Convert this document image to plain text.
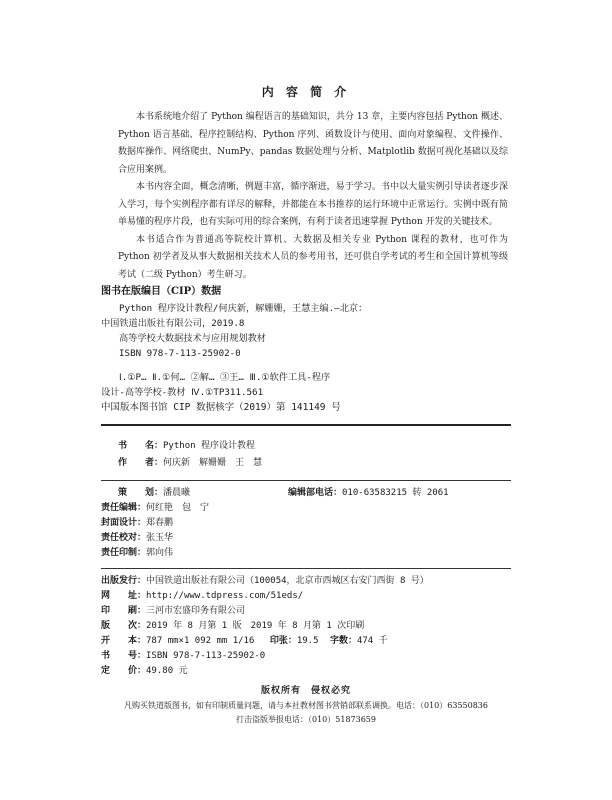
内 容 简 介

本书系统地介绍了 Python 编程语言的基础知识，共分 13 章，主要内容包括 Python 概述、Python 语言基础、程序控制结构、Python 序列、函数设计与使用、面向对象编程、文件操作、数据库操作、网络爬虫、NumPy、pandas 数据处理与分析、Matplotlib 数据可视化基础以及综合应用案例。

本书内容全面，概念清晰，例题丰富，循序渐进，易于学习。书中以大量实例引导读者逐步深入学习，每个实例程序都有详尽的解释，并都能在本书推荐的运行环境中正常运行。实例中既有简单易懂的程序片段，也有实际可用的综合案例，有利于读者迅速掌握 Python 开发的关键技术。

本书适合作为普通高等院校计算机、大数据及相关专业 Python 课程的教材，也可作为 Python 初学者及从事大数据相关技术人员的参考用书，还可供自学考试的考生和全国计算机等级考试（二级 Python）考生研习。

图书在版编目（CIP）数据
Python 程序设计教程/何庆新，解姗姗，王慧主编.—北京：
中国铁道出版社有限公司，2019.8
高等学校大数据技术与应用规划教材
ISBN 978-7-113-25902-0
Ⅰ.①P… Ⅱ.①何… ②解… ③王… Ⅲ.①软件工具-程序
设计-高等学校-教材 Ⅳ.①TP311.561
中国版本图书馆 CIP 数据核字（2019）第 141149 号
书　　名：Python 程序设计教程
作　　者：何庆新　解姗姗　王　慧
策　　划：潘晨曦	编辑部电话：010-63583215 转 2061
责任编辑：何红艳　包　宁
封面设计：郑春鹏
责任校对：张玉华
责任印制：郭向伟
出版发行：中国铁道出版社有限公司（100054，北京市西城区右安门西街 8 号）
网　　址：http://www.tdpress.com/51eds/
印　　刷：三河市宏盛印务有限公司
版　　次：2019 年 8 月第 1 版　2019 年 8 月第 1 次印刷
开　　本：787 mm×1 092 mm 1/16 印张：19.5 字数：474 千
书　　号：ISBN 978-7-113-25902-0
定　　价：49.80 元
版权所有　侵权必究
凡购买铁道版图书，如有印制质量问题，请与本社教材图书营销部联系调换。电话：（010）63550836
打击盗版举报电话：（010）51873659
